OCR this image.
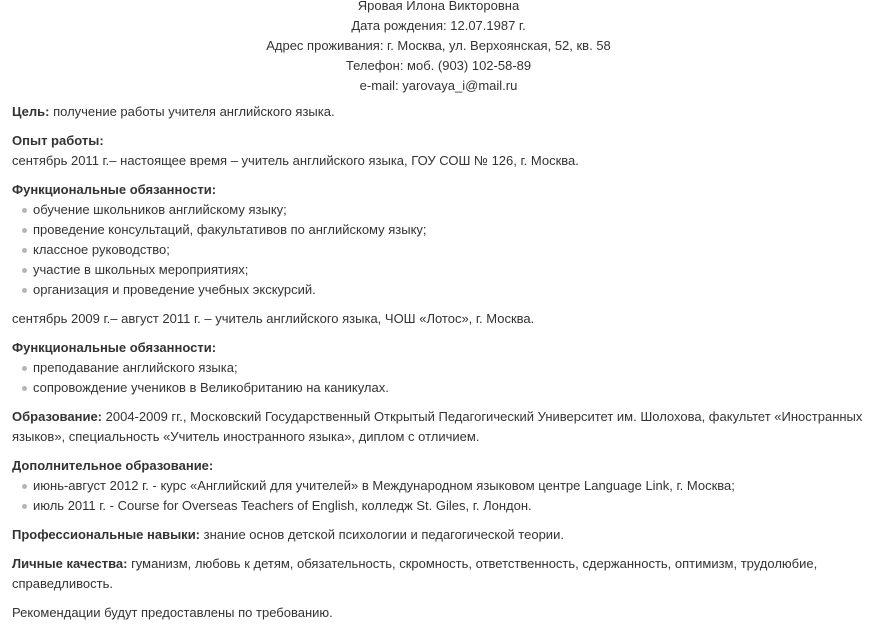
Яровая Илона Викторовна
Дата рождения: 12.07.1987 г.
Адрес проживания: г. Москва, ул. Верхоянская, 52, кв. 58
Телефон: моб. (903) 102-58-89
e-mail: yarovaya_i@mail.ru

Цель: получение работы учителя английского языка.

Опыт работы:

сентябрь 2011 г.– настоящее время – учитель английского языка, ГОУ СОШ № 126, г. Москва.

Функциональные обязанности:

обучение школьников английскому языку;
проведение консультаций, факультативов по английскому языку;
классное руководство;
участие в школьных мероприятиях;
организация и проведение учебных экскурсий.

сентябрь 2009 г.– август 2011 г. – учитель английского языка, ЧОШ «Лотос», г. Москва.

Функциональные обязанности:

преподавание английского языка;
сопровождение учеников в Великобританию на каникулах.

Образование: 2004-2009 гг., Московский Государственный Открытый Педагогический Университет им. Шолохова, факультет «Иностранных

языков», специальность «Учитель иностранного языка», диплом с отличием.

Дополнительное образование:

июнь-август 2012 г. - курс «Английский для учителей» в Международном языковом центре Language Link, г. Москва;
июль 2011 г. - Course for Overseas Teachers of English, колледж St. Giles, г. Лондон.

Профессиональные навыки: знание основ детской психологии и педагогической теории.

Личные качества: гуманизм, любовь к детям, обязательность, скромность, ответственность, сдержанность, оптимизм, трудолюбие,

справедливость.

Рекомендации будут предоставлены по требованию.
